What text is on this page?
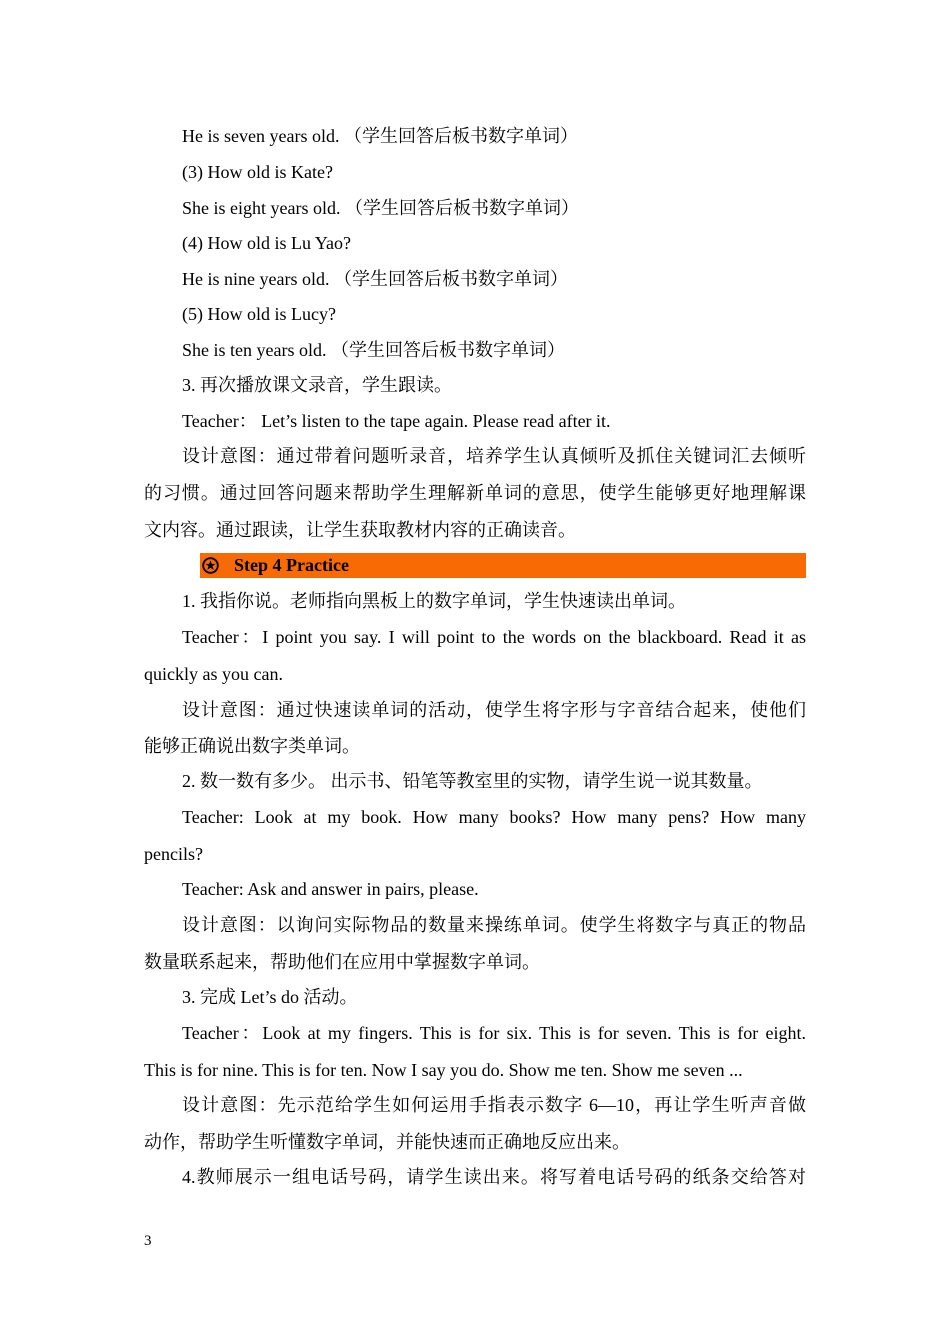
He is seven years old. （学生回答后板书数字单词）
(3) How old is Kate?
She is eight years old. （学生回答后板书数字单词）
(4) How old is Lu Yao?
He is nine years old. （学生回答后板书数字单词）
(5) How old is Lucy?
She is ten years old. （学生回答后板书数字单词）
3. 再次播放课文录音，学生跟读。
Teacher： Let’s listen to the tape again. Please read after it.
设计意图：通过带着问题听录音，培养学生认真倾听及抓住关键词汇去倾听
的习惯。通过回答问题来帮助学生理解新单词的意思，使学生能够更好地理解课
文内容。通过跟读，让学生获取教材内容的正确读音。
Step 4 Practice
1. 我指你说。老师指向黑板上的数字单词，学生快速读出单词。
Teacher：I point you say. I will point to the words on the blackboard. Read it as
quickly as you can.
设计意图：通过快速读单词的活动，使学生将字形与字音结合起来，使他们
能够正确说出数字类单词。
2. 数一数有多少。 出示书、铅笔等教室里的实物，请学生说一说其数量。
Teacher: Look at my book. How many books? How many pens? How many
pencils?
Teacher: Ask and answer in pairs, please.
设计意图：以询问实际物品的数量来操练单词。使学生将数字与真正的物品
数量联系起来，帮助他们在应用中掌握数字单词。
3. 完成 Let’s do 活动。
Teacher：Look at my fingers. This is for six. This is for seven. This is for eight.
This is for nine. This is for ten. Now I say you do. Show me ten. Show me seven ...
设计意图：先示范给学生如何运用手指表示数字 6—10，再让学生听声音做
动作，帮助学生听懂数字单词，并能快速而正确地反应出来。
4.教师展示一组电话号码，请学生读出来。将写着电话号码的纸条交给答对
3
